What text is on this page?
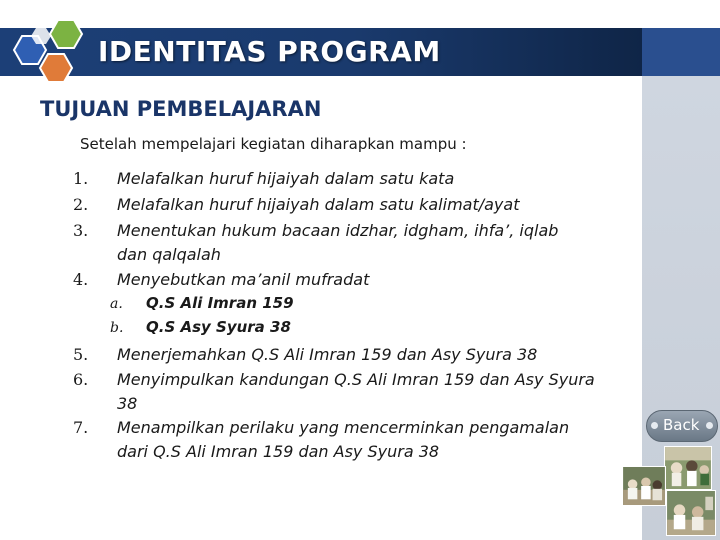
IDENTITAS PROGRAM
Back
TUJUAN PEMBELAJARAN
Setelah mempelajari kegiatan diharapkan mampu :
1. Melafalkan huruf hijaiyah dalam satu kata
2. Melafalkan huruf hijaiyah dalam satu kalimat/ayat
3. Menentukan hukum bacaan idzhar, idgham, ihfa’, iqlab dan qalqalah
4. Menyebutkan ma’anil mufradat
a. Q.S Ali Imran 159
b. Q.S Asy Syura 38
5. Menerjemahkan Q.S Ali Imran 159 dan Asy Syura 38
6. Menyimpulkan kandungan Q.S Ali Imran 159 dan Asy Syura 38
7. Menampilkan perilaku yang mencerminkan pengamalan dari Q.S Ali Imran 159 dan Asy Syura 38
